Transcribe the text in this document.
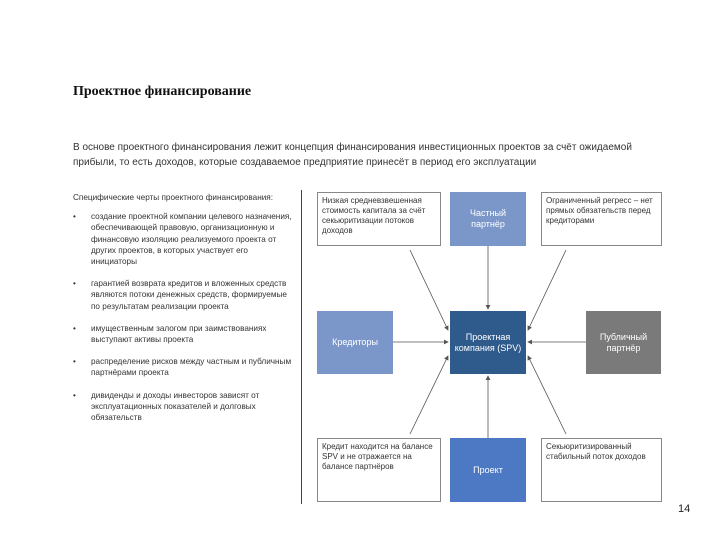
Проектное финансирование
В основе проектного финансирования лежит концепция финансирования инвестиционных проектов за счёт ожидаемой прибыли, то есть доходов, которые создаваемое предприятие принесёт в период его эксплуатации
Специфические черты проектного финансирования:
• создание проектной компании целевого назначения, обеспечивающей правовую, организационную и финансовую изоляцию реализуемого проекта от других проектов, в которых участвует его инициаторы
• гарантией возврата кредитов и вложенных средств являются потоки денежных средств, формируемые по результатам реализации проекта
• имущественным залогом при заимствованиях выступают активы проекта
• распределение рисков между частным и публичным партнёрами проекта
• дивиденды и доходы инвесторов зависят от эксплуатационных показателей и долговых обязательств
Низкая средневзвешенная стоимость капитала за счёт секьюритизации потоков доходов
Частный партнёр
Ограниченный регресс – нет прямых обязательств перед кредиторами
Кредиторы
Проектная компания (SPV)
Публичный партнёр
Кредит находится на балансе SPV и не отражается на балансе партнёров	Проект
Секьюритизированный стабильный поток доходов
14
